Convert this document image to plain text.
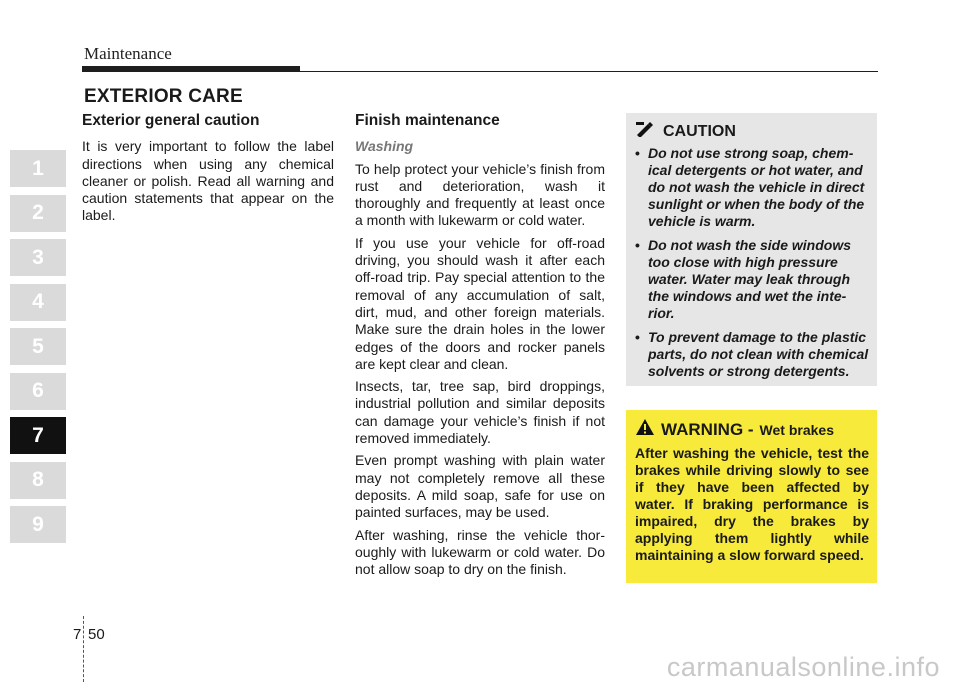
Maintenance
EXTERIOR CARE
1
2
3
4
5
6
7
8
9
Exterior general caution

It is very important to follow the label directions when using any chemical cleaner or polish. Read all warning and caution statements that appear on the label.

Finish maintenance
Washing

To help protect your vehicle’s finish from rust and deterioration, wash it thoroughly and frequently at least once a month with lukewarm or cold water.

If you use your vehicle for off-road driving, you should wash it after each off-road trip. Pay special attention to the removal of any accumulation of salt, dirt, mud, and other foreign materials. Make sure the drain holes in the lower edges of the doors and rocker panels are kept clear and clean.

Insects, tar, tree sap, bird droppings, industrial pollution and similar deposits can damage your vehicle’s finish if not removed immediately.

Even prompt washing with plain water may not completely remove all these deposits. A mild soap, safe for use on painted surfaces, may be used.

After washing, rinse the vehicle thor- oughly with lukewarm or cold water. Do not allow soap to dry on the finish.

CAUTION
• Do not use strong soap, chem- ical detergents or hot water, and do not wash the vehicle in direct sunlight or when the body of the vehicle is warm.
• Do not wash the side windows too close with high pressure water. Water may leak through the windows and wet the inte- rior.
• To prevent damage to the plastic parts, do not clean with chemical solvents or strong detergents.
WARNING - Wet brakes
After washing the vehicle, test the brakes while driving slowly to see if they have been affected by water. If braking performance is impaired, dry the brakes by applying them lightly while maintaining a slow forward speed.
7 50
carmanualsonline.info
